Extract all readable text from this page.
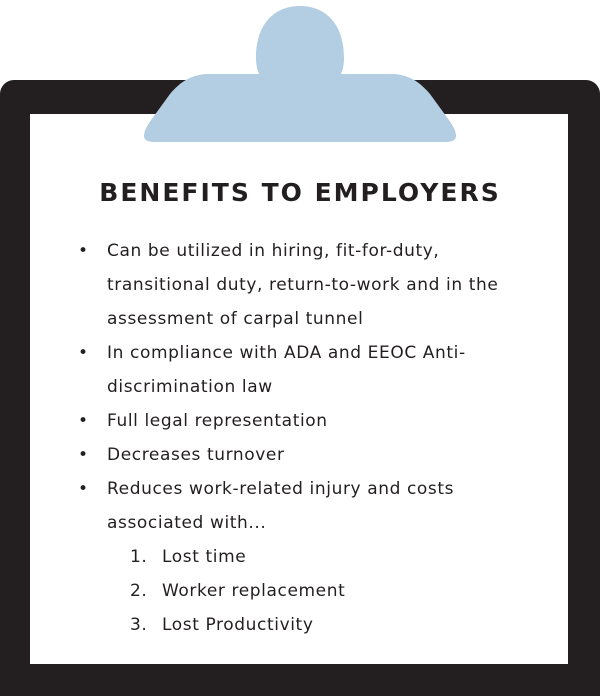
BENEFITS TO EMPLOYERS
• Can be utilized in hiring, fit-for-duty, transitional duty, return-to-work and in the assessment of carpal tunnel
• In compliance with ADA and EEOC Anti-discrimination law
• Full legal representation
• Decreases turnover
• Reduces work-related injury and costs associated with...
1. Lost time
2. Worker replacement
3. Lost Productivity
